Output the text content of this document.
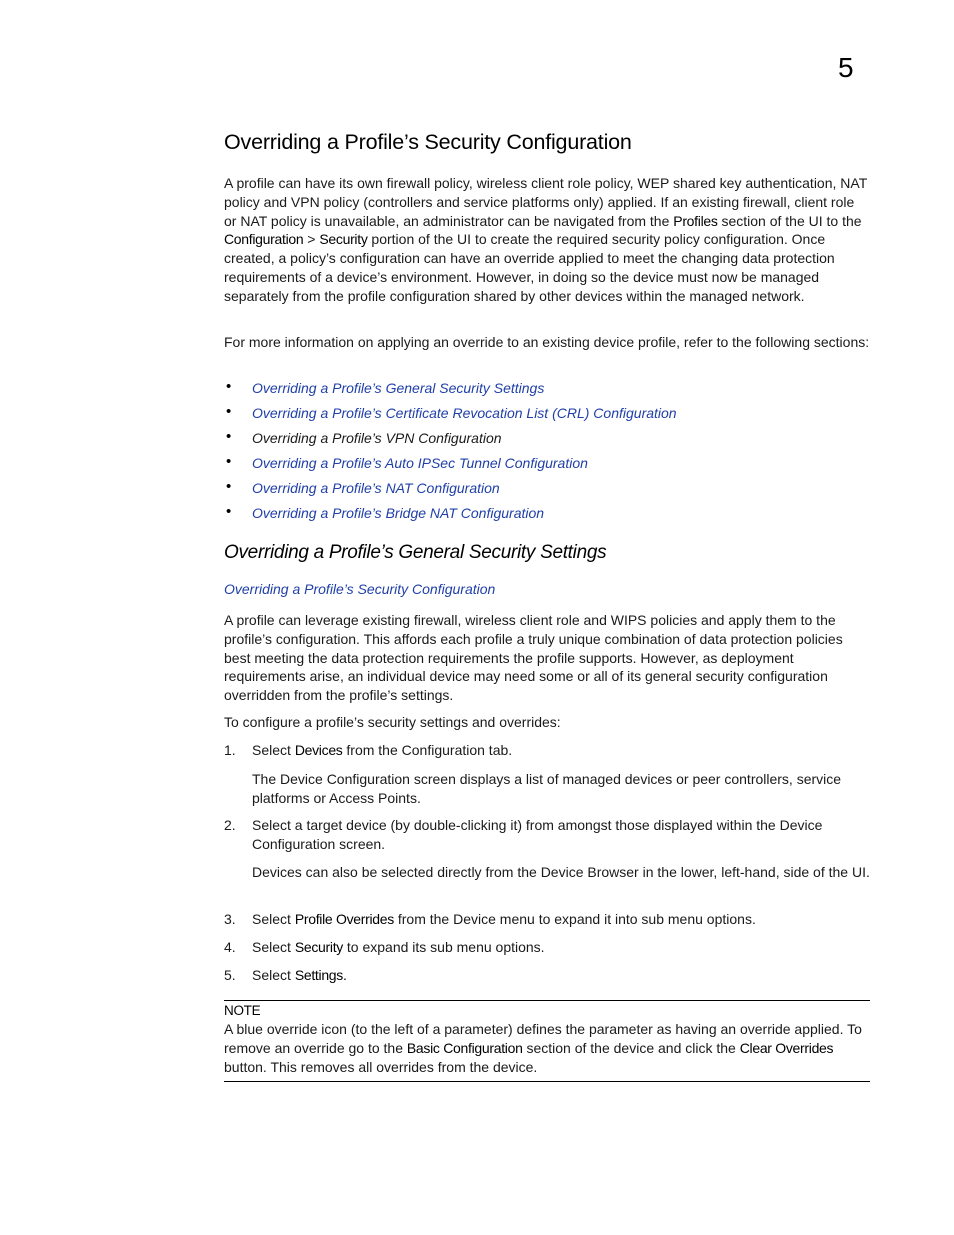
5
Overriding a Profile’s Security Configuration
A profile can have its own firewall policy, wireless client role policy, WEP shared key authentication, NAT policy and VPN policy (controllers and service platforms only) applied. If an existing firewall, client role or NAT policy is unavailable, an administrator can be navigated from the Profiles section of the UI to the Configuration > Security portion of the UI to create the required security policy configuration. Once created, a policy’s configuration can have an override applied to meet the changing data protection requirements of a device’s environment. However, in doing so the device must now be managed separately from the profile configuration shared by other devices within the managed network.
For more information on applying an override to an existing device profile, refer to the following sections:
• Overriding a Profile’s General Security Settings
• Overriding a Profile’s Certificate Revocation List (CRL) Configuration
• Overriding a Profile’s VPN Configuration
• Overriding a Profile’s Auto IPSec Tunnel Configuration
• Overriding a Profile’s NAT Configuration
• Overriding a Profile’s Bridge NAT Configuration
Overriding a Profile’s General Security Settings
Overriding a Profile’s Security Configuration
A profile can leverage existing firewall, wireless client role and WIPS policies and apply them to the profile’s configuration. This affords each profile a truly unique combination of data protection policies best meeting the data protection requirements the profile supports. However, as deployment requirements arise, an individual device may need some or all of its general security configuration overridden from the profile’s settings.
To configure a profile’s security settings and overrides:
1. Select Devices from the Configuration tab.
The Device Configuration screen displays a list of managed devices or peer controllers, service platforms or Access Points.
2. Select a target device (by double-clicking it) from amongst those displayed within the Device Configuration screen.
Devices can also be selected directly from the Device Browser in the lower, left-hand, side of the UI.
3. Select Profile Overrides from the Device menu to expand it into sub menu options.
4. Select Security to expand its sub menu options.
5. Select Settings.
NOTE
A blue override icon (to the left of a parameter) defines the parameter as having an override applied. To remove an override go to the Basic Configuration section of the device and click the Clear Overrides button. This removes all overrides from the device.
